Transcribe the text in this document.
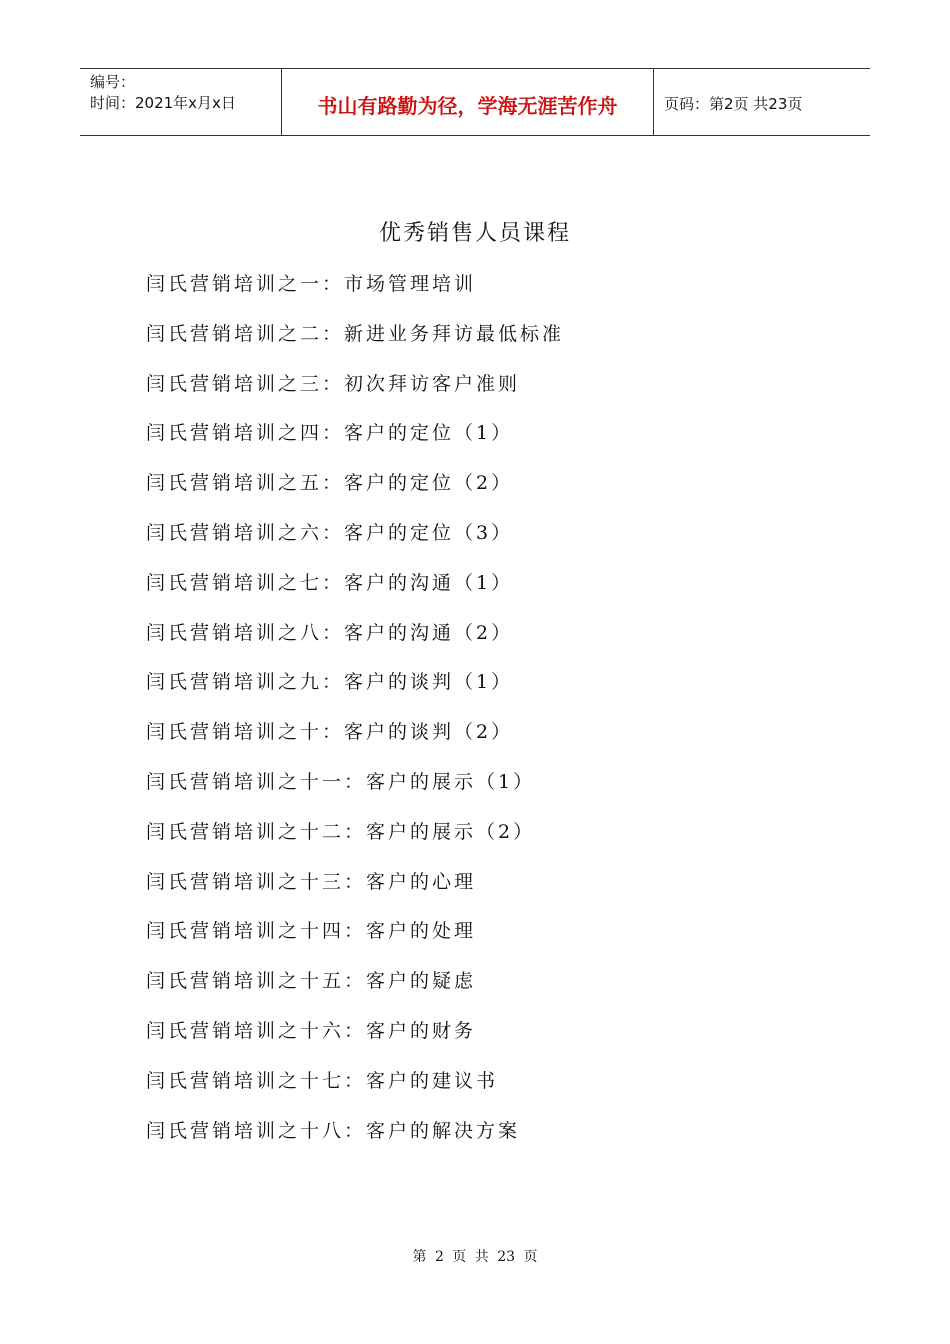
编号：
时间：2021年x月x日	书山有路勤为径，学海无涯苦作舟	页码：第2页 共23页
优秀销售人员课程
闫氏营销培训之一：市场管理培训
闫氏营销培训之二：新进业务拜访最低标准
闫氏营销培训之三：初次拜访客户准则
闫氏营销培训之四：客户的定位（1）
闫氏营销培训之五：客户的定位（2）
闫氏营销培训之六：客户的定位（3）
闫氏营销培训之七：客户的沟通（1）
闫氏营销培训之八：客户的沟通（2）
闫氏营销培训之九：客户的谈判（1）
闫氏营销培训之十：客户的谈判（2）
闫氏营销培训之十一：客户的展示（1）
闫氏营销培训之十二：客户的展示（2）
闫氏营销培训之十三：客户的心理
闫氏营销培训之十四：客户的处理
闫氏营销培训之十五：客户的疑虑
闫氏营销培训之十六：客户的财务
闫氏营销培训之十七：客户的建议书
闫氏营销培训之十八：客户的解决方案
第 2 页 共 23 页
